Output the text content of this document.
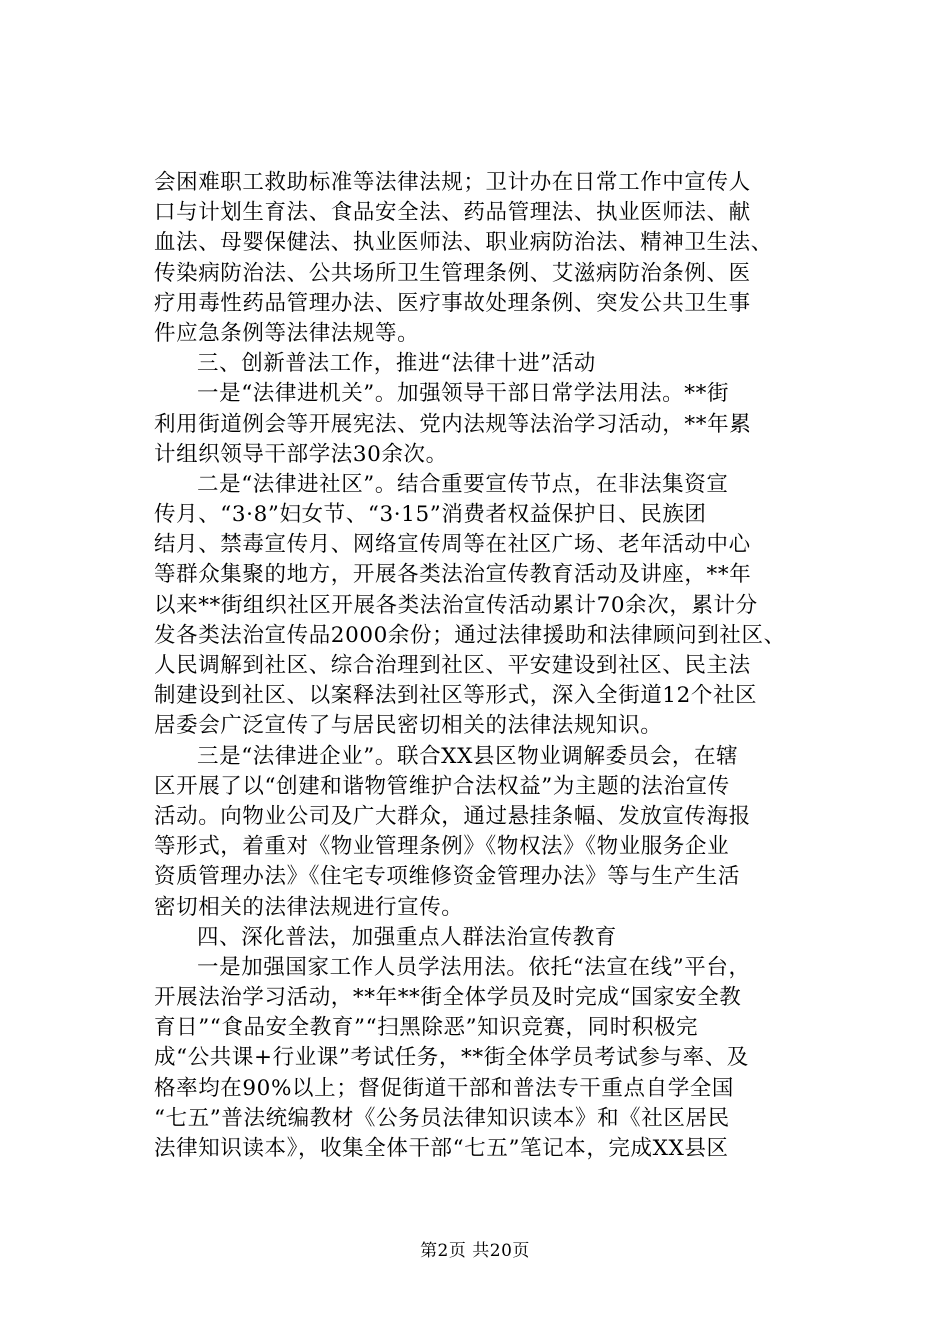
会困难职工救助标准等法律法规；卫计办在日常工作中宣传人
口与计划生育法、食品安全法、药品管理法、执业医师法、献
血法、母婴保健法、执业医师法、职业病防治法、精神卫生法、
传染病防治法、公共场所卫生管理条例、艾滋病防治条例、医
疗用毒性药品管理办法、医疗事故处理条例、突发公共卫生事
件应急条例等法律法规等。
三、创新普法工作，推进“法律十进”活动
一是“法律进机关”。加强领导干部日常学法用法。**街
利用街道例会等开展宪法、党内法规等法治学习活动，**年累
计组织领导干部学法30余次。
二是“法律进社区”。结合重要宣传节点，在非法集资宣
传月、“3·8”妇女节、“3·15”消费者权益保护日、民族团
结月、禁毒宣传月、网络宣传周等在社区广场、老年活动中心
等群众集聚的地方，开展各类法治宣传教育活动及讲座，**年
以来**街组织社区开展各类法治宣传活动累计70余次，累计分
发各类法治宣传品2000余份；通过法律援助和法律顾问到社区、
人民调解到社区、综合治理到社区、平安建设到社区、民主法
制建设到社区、以案释法到社区等形式，深入全街道12个社区
居委会广泛宣传了与居民密切相关的法律法规知识。
三是“法律进企业”。联合XX县区物业调解委员会，在辖
区开展了以“创建和谐物管维护合法权益”为主题的法治宣传
活动。向物业公司及广大群众，通过悬挂条幅、发放宣传海报
等形式，着重对《物业管理条例》《物权法》《物业服务企业
资质管理办法》《住宅专项维修资金管理办法》等与生产生活
密切相关的法律法规进行宣传。
四、深化普法，加强重点人群法治宣传教育
一是加强国家工作人员学法用法。依托“法宣在线”平台，
开展法治学习活动，**年**街全体学员及时完成“国家安全教
育日”“食品安全教育”“扫黑除恶”知识竞赛，同时积极完
成“公共课+行业课”考试任务，**街全体学员考试参与率、及
格率均在90%以上；督促街道干部和普法专干重点自学全国
“七五”普法统编教材《公务员法律知识读本》和《社区居民
法律知识读本》，收集全体干部“七五”笔记本，完成XX县区
第2页 共20页
